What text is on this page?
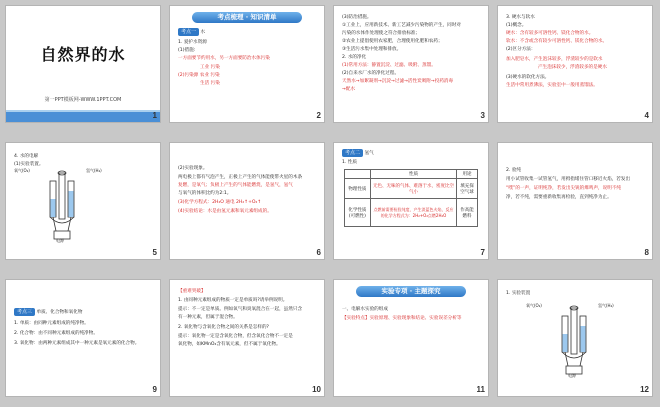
自然界的水
第一PPT模板网-WWW.1PPT.COM
1
考点梳理 · 知识清单
考点一 水
1. 爱护水资源
(1)措施:
一方面要节约用水，另一方面要防治水体污染
工业 污染
(2)污染源 农业 污染
生活 污染
2
(3)防治措施。
①工业上，应用新技术、新工艺减少污染物的产生，同时对
污染的水体作处理使之符合排放标准；
②农业上提倡使用农家肥，合理使用化肥和农药；
③生活污水集中处理和排放。
2. 水的净化
(1)常用方法：静置沉淀、过滤、吸附、蒸馏。
(2)自来水厂水的净化过程。
天然水→加絮凝剂→沉淀→过滤→活性炭吸附→投药消毒
→配水
3
3. 硬水与软水
(1)概念。
硬水：含有较多可溶性钙、镁化合物的水。
软水：不含或含有较少可溶性钙、镁化合物的水。
(2)区分方法：
加入肥皂水，产生泡沫较多，浮渣较少的是软水
产生泡沫较少，浮渣较多的是硬水
(3)硬水的软化方法。
生活中常用煮沸法，实验室中一般用蒸馏法。
4
4. 水的电解
(1)实验装置。
氧气(O₂)	氢气(H₂)
电源
5
(2)实验现象。
两电极上都有气泡产生，正极上产生的气体能使带火星的木条
复燃，是氧气；负极上产生的气体能燃烧，是氢气，氢气
与氧气的体积比约为2:1。
(3)化学方程式：2H₂O 通电 2H₂↑+O₂↑
(4)实验结论：水是由氢元素和氧元素组成的。
6
考点二 氢气
1. 性质
	性质	用途
物理性质	无色、无味的气体、难溶于水，密度比空气小	填充探空气球
化学性质(可燃性)	点燃前需要检验纯度，产生淡蓝色火焰，反应的化学方程式为：2H₂+O₂点燃2H₂O	作高能燃料
7
2. 验纯
用小试管收集一试管氢气，用拇指堵住管口移近火焰，若发出
“噗”的一声，证明纯净，若发出尖锐的爆鸣声，说明不纯
净，若不纯，需要重新收集再检验，直到纯净为止。
8
考点三 单质、化合物和氧化物
1. 单质：由同种元素组成的纯净物。
2. 化合物：由不同种元素组成的纯净物。
3. 氧化物：由两种元素组成其中一种元素是氧元素的化合物。
9
【重难突破】
1. 由同种元素组成的物质一定是单质吗?请举例说明。
提示：不一定是单质。例如氧气和臭氧混合在一起，虽然只含
有一种元素，但属于混合物。
2. 氧化物与含氧化合物之间的关系是怎样的?
提示：氧化物一定是含氧化合物，但含氧化合物不一定是
氧化物，如KMnO₄含有氧元素，但不属于氧化物。
10
实验专项 · 主题探究
一、电解水实验的组成
【实验特点】实验原理、实验现象和结论、实验误差分析等
11
1. 实验装置
氧气(O₂)	氢气(H₂)
电源
12
